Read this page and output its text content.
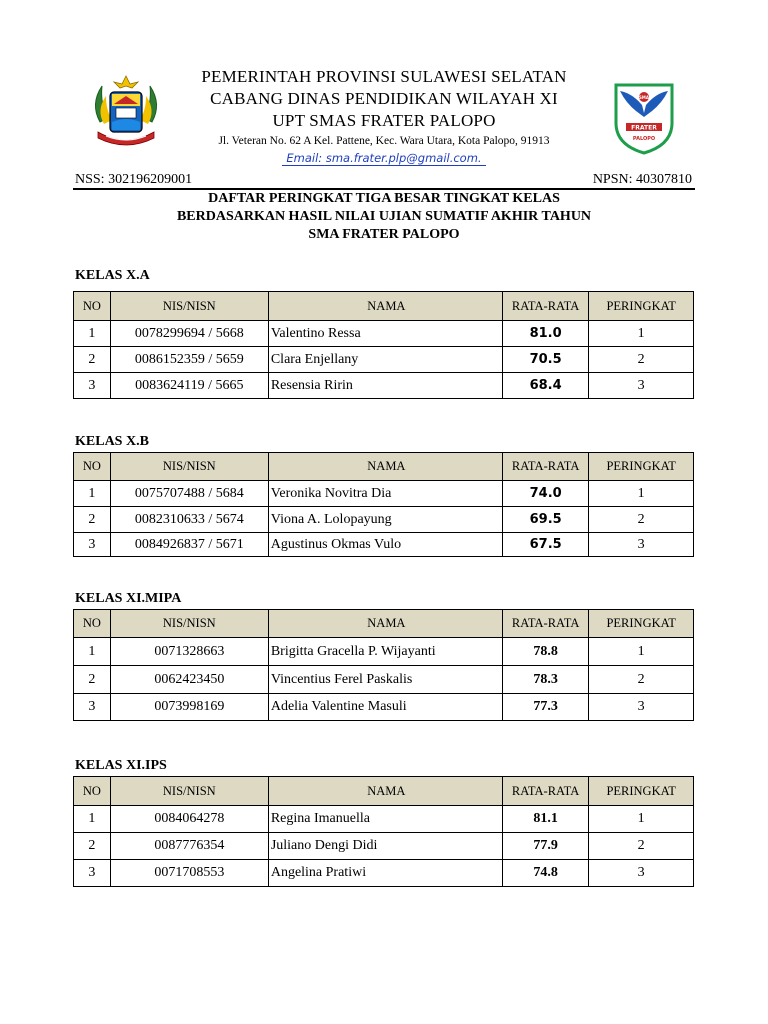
SMA
FRATER
PALOPO
PEMERINTAH PROVINSI SULAWESI SELATAN
CABANG DINAS PENDIDIKAN WILAYAH XI
UPT SMAS FRATER PALOPO
Jl. Veteran No. 62 A Kel. Pattene, Kec. Wara Utara, Kota Palopo, 91913
Email: sma.frater.plp@gmail.com.
NSS: 302196209001	NPSN: 40307810
DAFTAR PERINGKAT TIGA BESAR TINGKAT KELAS
BERDASARKAN HASIL NILAI UJIAN SUMATIF AKHIR TAHUN
SMA FRATER PALOPO
KELAS X.A
NO	NIS/NISN	NAMA	RATA-RATA	PERINGKAT
1	0078299694 / 5668	Valentino Ressa	81.0	1
2	0086152359 / 5659	Clara Enjellany	70.5	2
3	0083624119 / 5665	Resensia Ririn	68.4	3
KELAS X.B
NO	NIS/NISN	NAMA	RATA-RATA	PERINGKAT
1	0075707488 / 5684	Veronika Novitra Dia	74.0	1
2	0082310633 / 5674	Viona A. Lolopayung	69.5	2
3	0084926837 / 5671	Agustinus Okmas Vulo	67.5	3
KELAS XI.MIPA
NO	NIS/NISN	NAMA	RATA-RATA	PERINGKAT
1	0071328663	Brigitta Gracella P. Wijayanti	78.8	1
2	0062423450	Vincentius Ferel Paskalis	78.3	2
3	0073998169	Adelia Valentine Masuli	77.3	3
KELAS XI.IPS
NO	NIS/NISN	NAMA	RATA-RATA	PERINGKAT
1	0084064278	Regina Imanuella	81.1	1
2	0087776354	Juliano Dengi Didi	77.9	2
3	0071708553	Angelina Pratiwi	74.8	3
